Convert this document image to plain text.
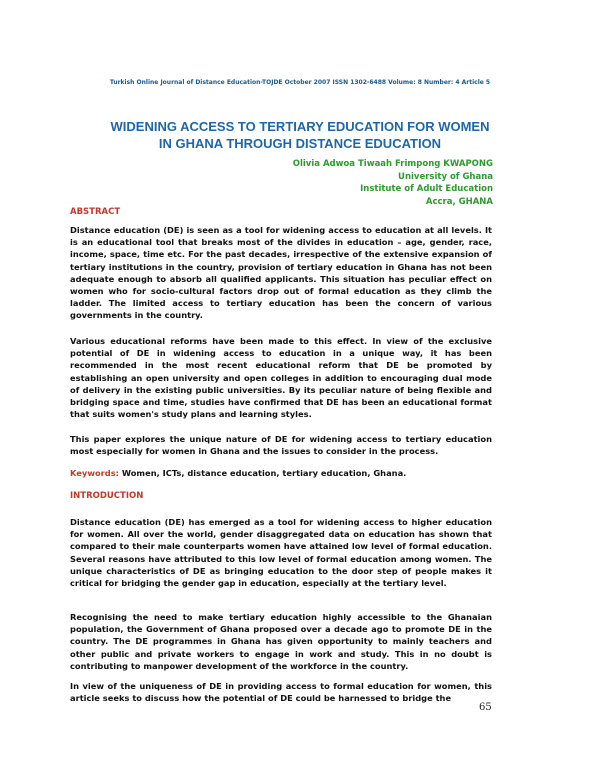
Turkish Online Journal of Distance Education-TOJDE October 2007 ISSN 1302-6488 Volume: 8 Number: 4 Article 5
WIDENING ACCESS TO TERTIARY EDUCATION FOR WOMEN
IN GHANA THROUGH DISTANCE EDUCATION
Olivia Adwoa Tiwaah Frimpong KWAPONG
University of Ghana
Institute of Adult Education
Accra, GHANA
ABSTRACT
Distance education (DE) is seen as a tool for widening access to education at all levels. It is an educational tool that breaks most of the divides in education – age, gender, race, income, space, time etc. For the past decades, irrespective of the extensive expansion of tertiary institutions in the country, provision of tertiary education in Ghana has not been adequate enough to absorb all qualified applicants. This situation has peculiar effect on women who for socio-cultural factors drop out of formal education as they climb the ladder. The limited access to tertiary education has been the concern of various governments in the country.
Various educational reforms have been made to this effect. In view of the exclusive potential of DE in widening access to education in a unique way, it has been recommended in the most recent educational reform that DE be promoted by establishing an open university and open colleges in addition to encouraging dual mode of delivery in the existing public universities. By its peculiar nature of being flexible and bridging space and time, studies have confirmed that DE has been an educational format that suits women's study plans and learning styles.
This paper explores the unique nature of DE for widening access to tertiary education most especially for women in Ghana and the issues to consider in the process.
Keywords: Women, ICTs, distance education, tertiary education, Ghana.
INTRODUCTION
Distance education (DE) has emerged as a tool for widening access to higher education for women. All over the world, gender disaggregated data on education has shown that compared to their male counterparts women have attained low level of formal education. Several reasons have attributed to this low level of formal education among women. The unique characteristics of DE as bringing education to the door step of people makes it critical for bridging the gender gap in education, especially at the tertiary level.
Recognising the need to make tertiary education highly accessible to the Ghanaian population, the Government of Ghana proposed over a decade ago to promote DE in the country. The DE programmes in Ghana has given opportunity to mainly teachers and other public and private workers to engage in work and study. This in no doubt is contributing to manpower development of the workforce in the country.
In view of the uniqueness of DE in providing access to formal education for women, this article seeks to discuss how the potential of DE could be harnessed to bridge the
65
